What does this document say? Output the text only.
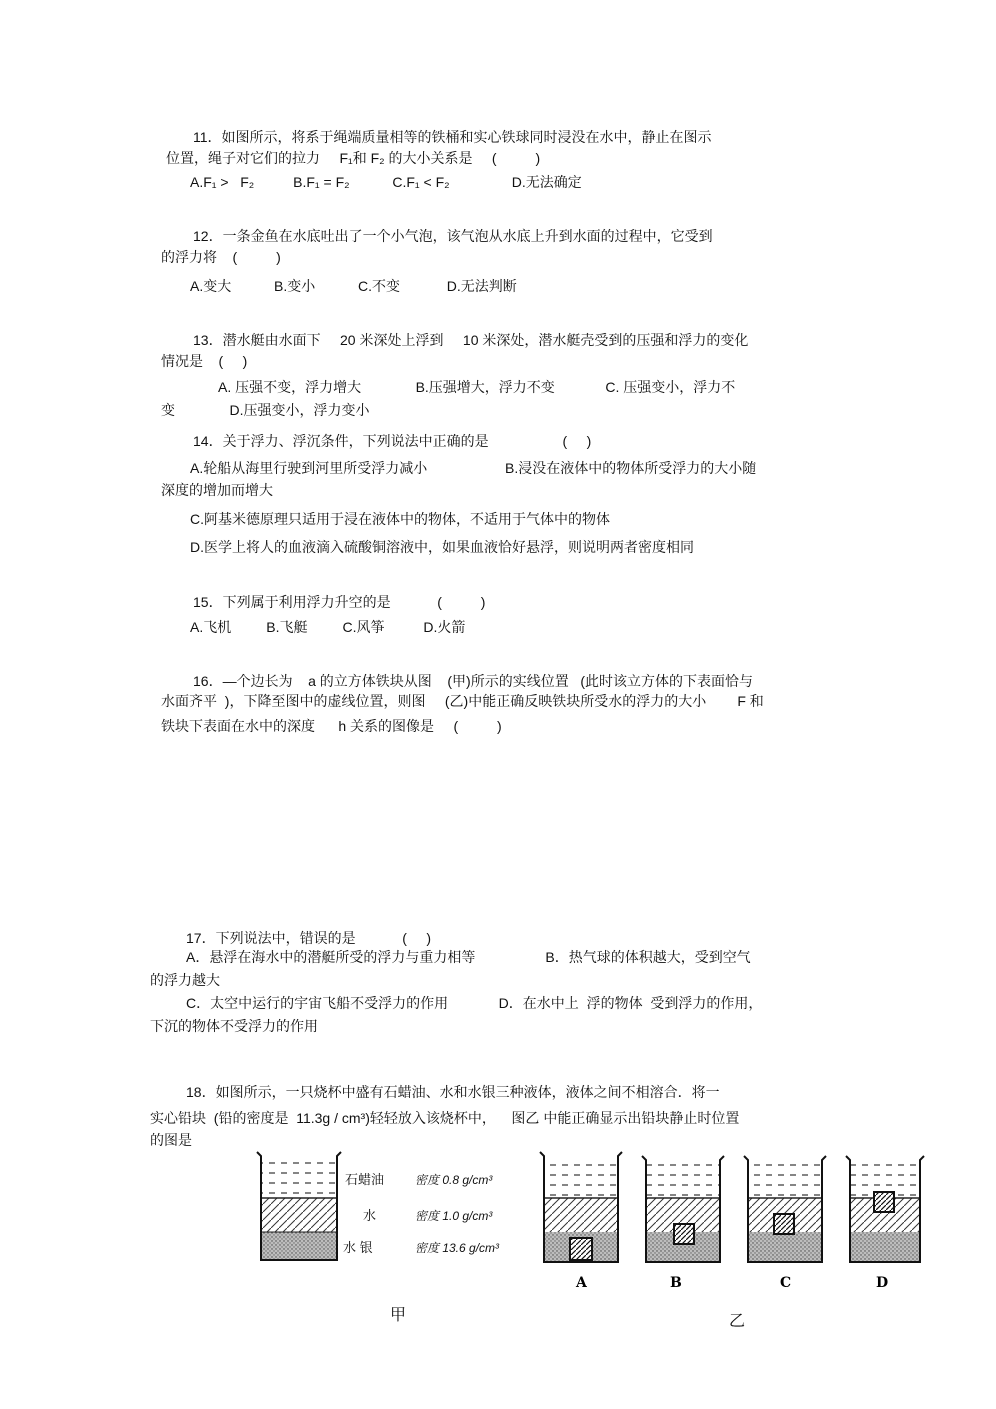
11．如图所示，将系于绳端质量相等的铁桶和实心铁球同时浸没在水中，静止在图示
位置，绳子对它们的拉力     F₁和 F₂ 的大小关系是     (          )
A.F₁ >   F₂          B.F₁ = F₂           C.F₁ < F₂                D.无法确定
12．一条金鱼在水底吐出了一个小气泡，该气泡从水底上升到水面的过程中，它受到
的浮力将    (          )
A.变大           B.变小           C.不变            D.无法判断
13．潜水艇由水面下     20 米深处上浮到     10 米深处，潜水艇壳受到的压强和浮力的变化
情况是    (     )
A. 压强不变，浮力增大              B.压强增大，浮力不变             C. 压强变小，浮力不
变              D.压强变小，浮力变小
14．关于浮力、浮沉条件，下列说法中正确的是                   (     )
A.轮船从海里行驶到河里所受浮力减小                    B.浸没在液体中的物体所受浮力的大小随
深度的增加而增大
C.阿基米德原理只适用于浸在液体中的物体，不适用于气体中的物体
D.医学上将人的血液滴入硫酸铜溶液中，如果血液恰好悬浮，则说明两者密度相同
15．下列属于利用浮力升空的是            (          )
A.飞机         B.飞艇         C.风筝          D.火箭
16．—个边长为    a 的立方体铁块从图    (甲)所示的实线位置   (此时该立方体的下表面恰与
水面齐平  )，下降至图中的虚线位置，则图     (乙)中能正确反映铁块所受水的浮力的大小        F 和
铁块下表面在水中的深度      h 关系的图像是     (          )
17．下列说法中，错误的是            (     )
A．悬浮在海水中的潜艇所受的浮力与重力相等                  B．热气球的体积越大，受到空气
的浮力越大
C．太空中运行的宇宙飞船不受浮力的作用             D．在水中上  浮的物体  受到浮力的作用，
下沉的物体不受浮力的作用
18．如图所示，一只烧杯中盛有石蜡油、水和水银三种液体，液体之间不相溶合．将一
实心铅块  (铅的密度是  11.3g / cm³)轻轻放入该烧杯中，    图乙 中能正确显示出铅块静止时位置
的图是
石蜡油	密度 0.8 g/cm³
水	密度 1.0 g/cm³
水 银	密度 13.6 g/cm³
A	B	C	D
甲	乙
